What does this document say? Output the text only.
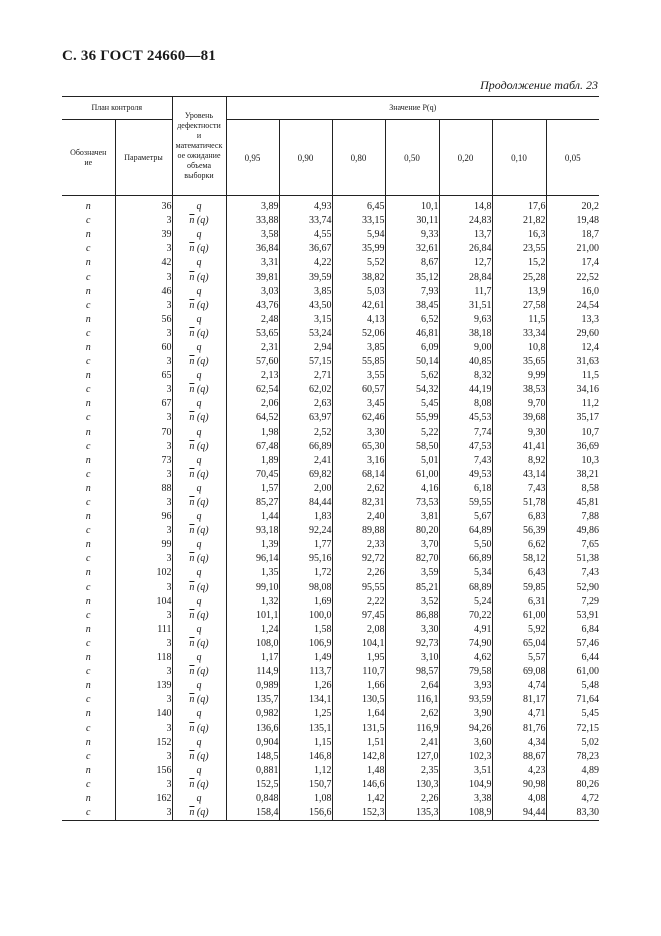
С. 36 ГОСТ 24660—81
Продолжение табл. 23
План контроля		Уровень дефектности и математическое ожидание объема выборки	Значение P(q)						

Обозначение	Параметры		0,95	0,90	0,80	0,50	0,20	0,10	0,05
n	36	q	3,89	4,93	6,45	10,1	14,8	17,6	20,2
c	3	$\overline{n}$ (q)	33,88	33,74	33,15	30,11	24,83	21,82	19,48
n	39	q	3,58	4,55	5,94	9,33	13,7	16,3	18,7
c	3	$\overline{n}$ (q)	36,84	36,67	35,99	32,61	26,84	23,55	21,00
n	42	q	3,31	4,22	5,52	8,67	12,7	15,2	17,4
c	3	$\overline{n}$ (q)	39,81	39,59	38,82	35,12	28,84	25,28	22,52
n	46	q	3,03	3,85	5,03	7,93	11,7	13,9	16,0
c	3	$\overline{n}$ (q)	43,76	43,50	42,61	38,45	31,51	27,58	24,54
n	56	q	2,48	3,15	4,13	6,52	9,63	11,5	13,3
c	3	$\overline{n}$ (q)	53,65	53,24	52,06	46,81	38,18	33,34	29,60
n	60	q	2,31	2,94	3,85	6,09	9,00	10,8	12,4
c	3	$\overline{n}$ (q)	57,60	57,15	55,85	50,14	40,85	35,65	31,63
n	65	q	2,13	2,71	3,55	5,62	8,32	9,99	11,5
c	3	$\overline{n}$ (q)	62,54	62,02	60,57	54,32	44,19	38,53	34,16
n	67	q	2,06	2,63	3,45	5,45	8,08	9,70	11,2
c	3	$\overline{n}$ (q)	64,52	63,97	62,46	55,99	45,53	39,68	35,17
n	70	q	1,98	2,52	3,30	5,22	7,74	9,30	10,7
c	3	$\overline{n}$ (q)	67,48	66,89	65,30	58,50	47,53	41,41	36,69
n	73	q	1,89	2,41	3,16	5,01	7,43	8,92	10,3
c	3	$\overline{n}$ (q)	70,45	69,82	68,14	61,00	49,53	43,14	38,21
n	88	q	1,57	2,00	2,62	4,16	6,18	7,43	8,58
c	3	$\overline{n}$ (q)	85,27	84,44	82,31	73,53	59,55	51,78	45,81
n	96	q	1,44	1,83	2,40	3,81	5,67	6,83	7,88
c	3	$\overline{n}$ (q)	93,18	92,24	89,88	80,20	64,89	56,39	49,86
n	99	q	1,39	1,77	2,33	3,70	5,50	6,62	7,65
c	3	$\overline{n}$ (q)	96,14	95,16	92,72	82,70	66,89	58,12	51,38
n	102	q	1,35	1,72	2,26	3,59	5,34	6,43	7,43
c	3	$\overline{n}$ (q)	99,10	98,08	95,55	85,21	68,89	59,85	52,90
n	104	q	1,32	1,69	2,22	3,52	5,24	6,31	7,29
c	3	$\overline{n}$ (q)	101,1	100,0	97,45	86,88	70,22	61,00	53,91
n	111	q	1,24	1,58	2,08	3,30	4,91	5,92	6,84
c	3	$\overline{n}$ (q)	108,0	106,9	104,1	92,73	74,90	65,04	57,46
n	118	q	1,17	1,49	1,95	3,10	4,62	5,57	6,44
c	3	$\overline{n}$ (q)	114,9	113,7	110,7	98,57	79,58	69,08	61,00
n	139	q	0,989	1,26	1,66	2,64	3,93	4,74	5,48
c	3	$\overline{n}$ (q)	135,7	134,1	130,5	116,1	93,59	81,17	71,64
n	140	q	0,982	1,25	1,64	2,62	3,90	4,71	5,45
c	3	$\overline{n}$ (q)	136,6	135,1	131,5	116,9	94,26	81,76	72,15
n	152	q	0,904	1,15	1,51	2,41	3,60	4,34	5,02
c	3	$\overline{n}$ (q)	148,5	146,8	142,8	127,0	102,3	88,67	78,23
n	156	q	0,881	1,12	1,48	2,35	3,51	4,23	4,89
c	3	$\overline{n}$ (q)	152,5	150,7	146,6	130,3	104,9	90,98	80,26
n	162	q	0,848	1,08	1,42	2,26	3,38	4,08	4,72
c	3	$\overline{n}$ (q)	158,4	156,6	152,3	135,3	108,9	94,44	83,30
